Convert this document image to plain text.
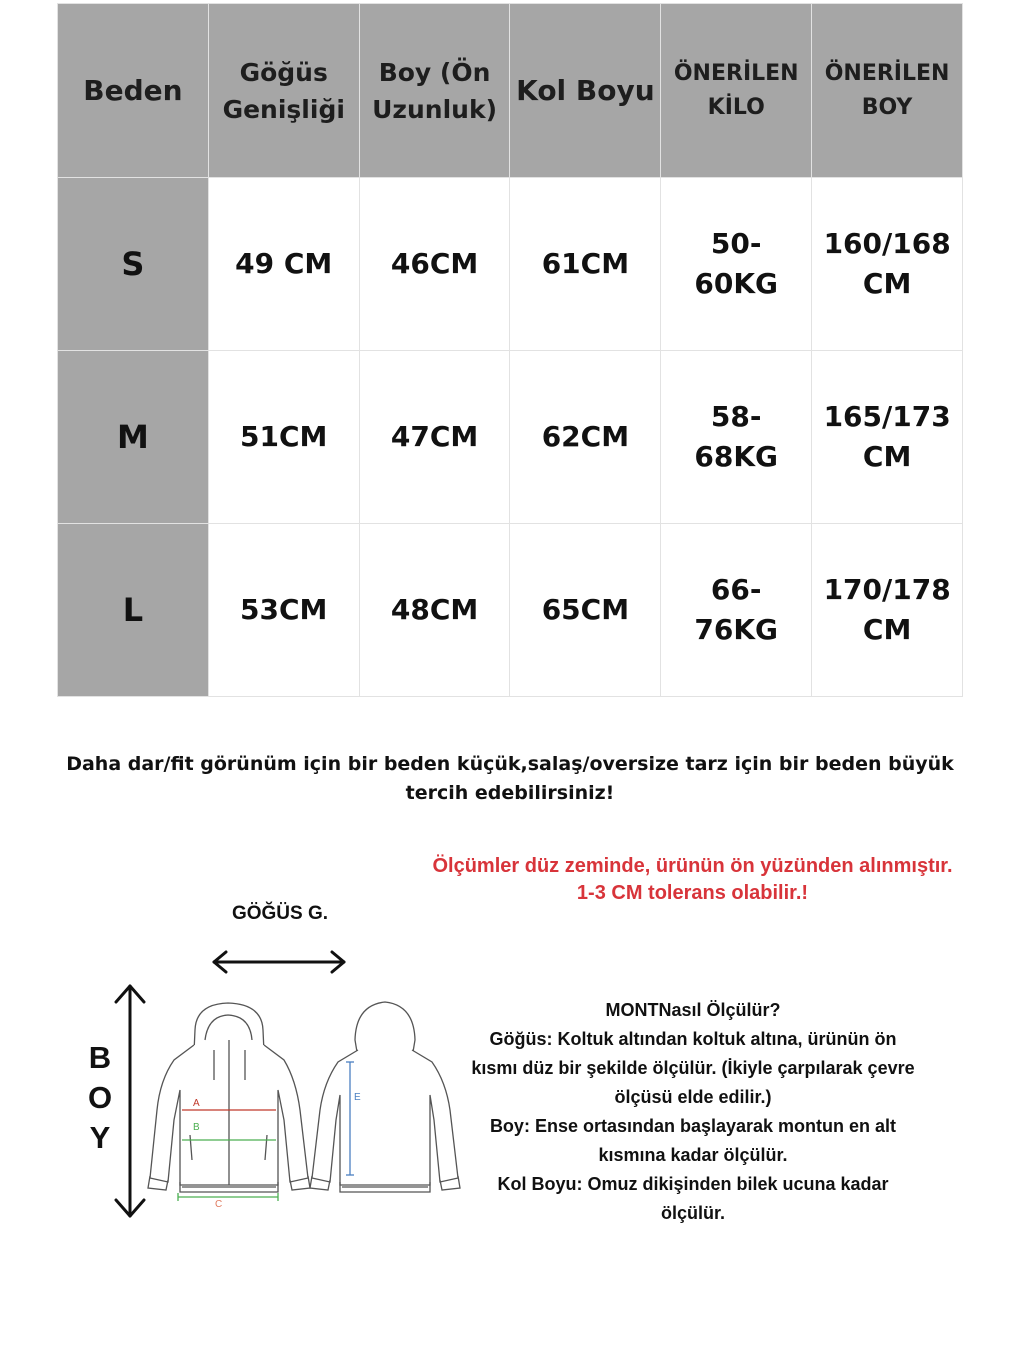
Beden	Göğüs Genişliği	Boy (Ön Uzunluk)	Kol Boyu	ÖNERİLEN KİLO	ÖNERİLEN BOY
S	49 CM	46CM	61CM	50-60KG	160/168 CM
M	51CM	47CM	62CM	58-68KG	165/173 CM
L	53CM	48CM	65CM	66-76KG	170/178 CM
Daha dar/fit görünüm için bir beden küçük,salaş/oversize tarz için bir beden büyük tercih edebilirsiniz!
Ölçümler düz zeminde, ürünün ön yüzünden alınmıştır.
1-3 CM tolerans olabilir.!
GÖĞÜS G.
B
O
Y
A
B
C
E

MONTNasıl Ölçülür?

Göğüs: Koltuk altından koltuk altına, ürünün ön kısmı düz bir şekilde ölçülür. (İkiyle çarpılarak çevre ölçüsü elde edilir.)

Boy: Ense ortasından başlayarak montun en alt kısmına kadar ölçülür.

Kol Boyu: Omuz dikişinden bilek ucuna kadar ölçülür.
